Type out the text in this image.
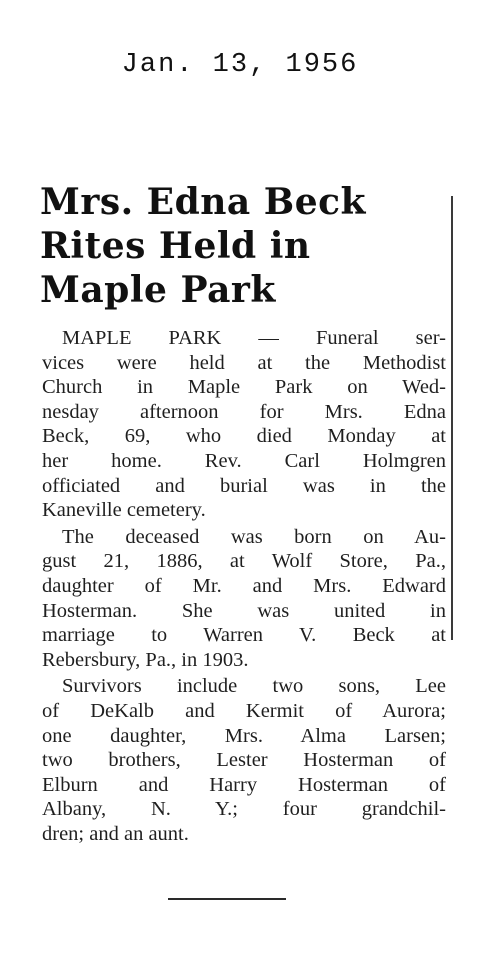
Jan. 13, 1956
Mrs. Edna Beck
Rites Held in
Maple Park

MAPLE PARK — Funeral ser-
vices were held at the Methodist
Church in Maple Park on Wed-
nesday afternoon for Mrs. Edna
Beck, 69, who died Monday at
her home. Rev. Carl Holmgren
officiated and burial was in the
Kaneville cemetery.

The deceased was born on Au-
gust 21, 1886, at Wolf Store, Pa.,
daughter of Mr. and Mrs. Edward
Hosterman. She was united in
marriage to Warren V. Beck at
Rebersbury, Pa., in 1903.

Survivors include two sons, Lee
of DeKalb and Kermit of Aurora;
one daughter, Mrs. Alma Larsen;
two brothers, Lester Hosterman of
Elburn and Harry Hosterman of
Albany, N. Y.; four grandchil-
dren; and an aunt.
